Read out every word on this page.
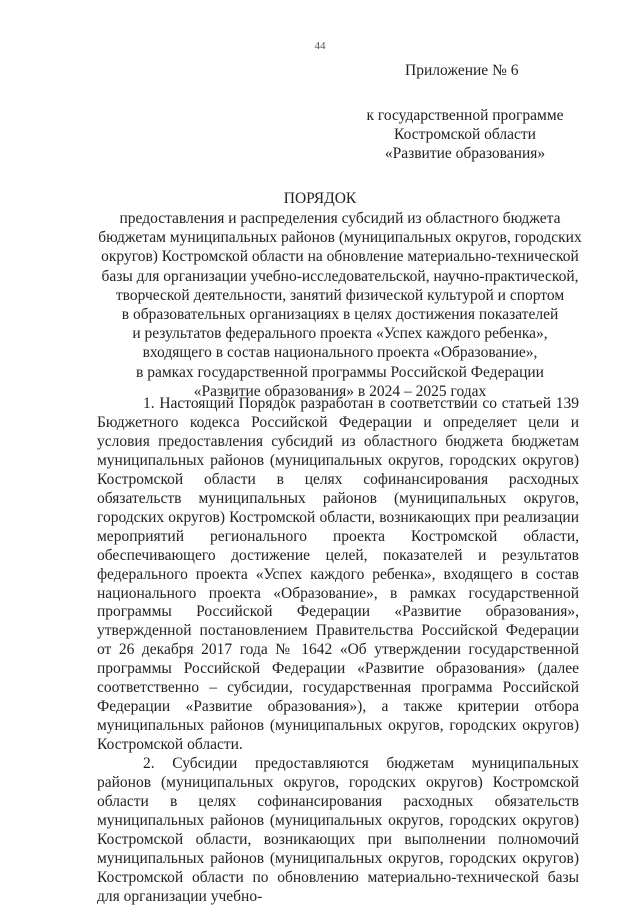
44
Приложение № 6
к государственной программе
Костромской области
«Развитие образования»
ПОРЯДОК
предоставления и распределения субсидий из областного бюджета
бюджетам муниципальных районов (муниципальных округов, городских
округов) Костромской области на обновление материально-технической
базы для организации учебно-исследовательской, научно-практической,
творческой деятельности, занятий физической культурой и спортом
в образовательных организациях в целях достижения показателей
и результатов федерального проекта «Успех каждого ребенка»,
входящего в состав национального проекта «Образование»,
в рамках государственной программы Российской Федерации
«Развитие образования» в 2024 – 2025 годах

1. Настоящий Порядок разработан в соответствии со статьей 139 Бюджетного кодекса Российской Федерации и определяет цели и условия предоставления субсидий из областного бюджета бюджетам муниципальных районов (муниципальных округов, городских округов) Костромской области в целях софинансирования расходных обязательств муниципальных районов (муниципальных округов, городских округов) Костромской области, возникающих при реализации мероприятий регионального проекта Костромской области, обеспечивающего достижение целей, показателей и результатов федерального проекта «Успех каждого ребенка», входящего в состав национального проекта «Образование», в рамках государственной программы Российской Федерации «Развитие образования», утвержденной постановлением Правительства Российской Федерации от 26 декабря 2017 года № 1642 «Об утверждении государственной программы Российской Федерации «Развитие образования» (далее соответственно – субсидии, государственная программа Российской Федерации «Развитие образования»), а также критерии отбора муниципальных районов (муниципальных округов, городских округов) Костромской области.

2. Субсидии предоставляются бюджетам муниципальных районов (муниципальных округов, городских округов) Костромской области в целях софинансирования расходных обязательств муниципальных районов (муниципальных округов, городских округов) Костромской области, возникающих при выполнении полномочий муниципальных районов (муниципальных округов, городских округов) Костромской области по обновлению материально-технической базы для организации учебно-
